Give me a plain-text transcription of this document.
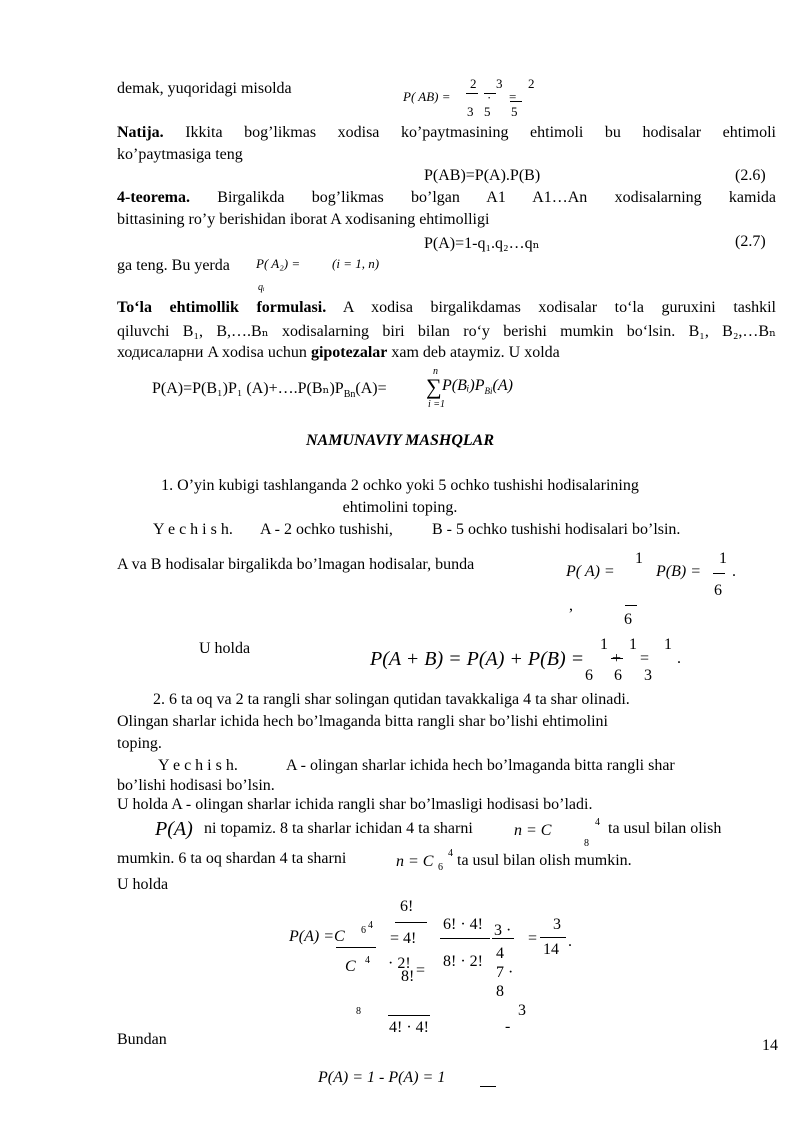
demak, yuqoridagi misolda	P( AB) =
2
3
·
3
5
=
2
5
Natija. Ikkita bog’likmas xodisa ko’paytmasining ehtimoli bu hodisalar ehtimoli
ko’paytmasiga teng
P(AB)=P(A).P(B)	(2.6)
4-teorema. Birgalikda bog’likmas bo’lgan A1 A1…An xodisalarning kamida
bittasining ro’y berishidan iborat A xodisaning ehtimolligi
P(A)=1-q₁.q₂…qₙ	(2.7)
ga teng. Bu yerda P( A₂) = (i = 1, n)
qᵢ
To‘la ehtimollik formulasi. A xodisa birgalikdamas xodisalar to‘la guruxini tashkil
qiluvchi B₁, B,….Bₙ xodisalarning biri bilan ro‘y berishi mumkin bo‘lsin. B₁, B₂,…Bₙ
ходисаларни A xodisa uchun gipotezalar xam deb ataymiz. U xolda
P(A)=P(B₁)P₁ $(A)+\dots.P(B_n)P_{Bn}(A)=$
n
∑
i =1
$P(Bᵢ)P_{Bi}(A)$
NAMUNAVIY MASHQLAR
1. O’yin kubigi tashlanganda 2 ochko yoki 5 ochko tushishi hodisalarining
ehtimolini toping.
Y e c h i s h. A - 2 ochko tushishi, B - 5 ochko tushishi hodisalari bo’lsin.
A va B hodisalar birgalikda bo’lmagan hodisalar, bunda	P( A) =
1
,
6
P(B) =
1
6
.
U holda	P(A + B) = P(A) + P(B) =
1
6
+
1
6
=
1
3
.
2. 6 ta oq va 2 ta rangli shar solingan qutidan tavakkaliga 4 ta shar olinadi.
Olingan sharlar ichida hech bo’lmaganda bitta rangli shar bo’lishi ehtimolini
toping.
Y e c h i s h.	A - olingan sharlar ichida hech bo’lmaganda bitta rangli shar
bo’lishi hodisasi bo’lsin.
U holda A - olingan sharlar ichida rangli shar bo’lmasligi hodisasi bo’ladi.
P(A) ni topamiz. 8 ta sharlar ichidan 4 ta sharni	n = C	4
8
ta usul bilan olish
mumkin. 6 ta oq shardan 4 ta sharni	n = C 4
6 ta usul bilan olish mumkin.
U holda
6!
P(A) =C 6 4
= 4!
C 4 · 2!
8! =
6! · 4!
8! · 2!
3 ·
4
7 ·
8
=
3
14 .
8
4! · 4!
3
-
Bundan	14
P(A) = 1 - P(A) = 1
